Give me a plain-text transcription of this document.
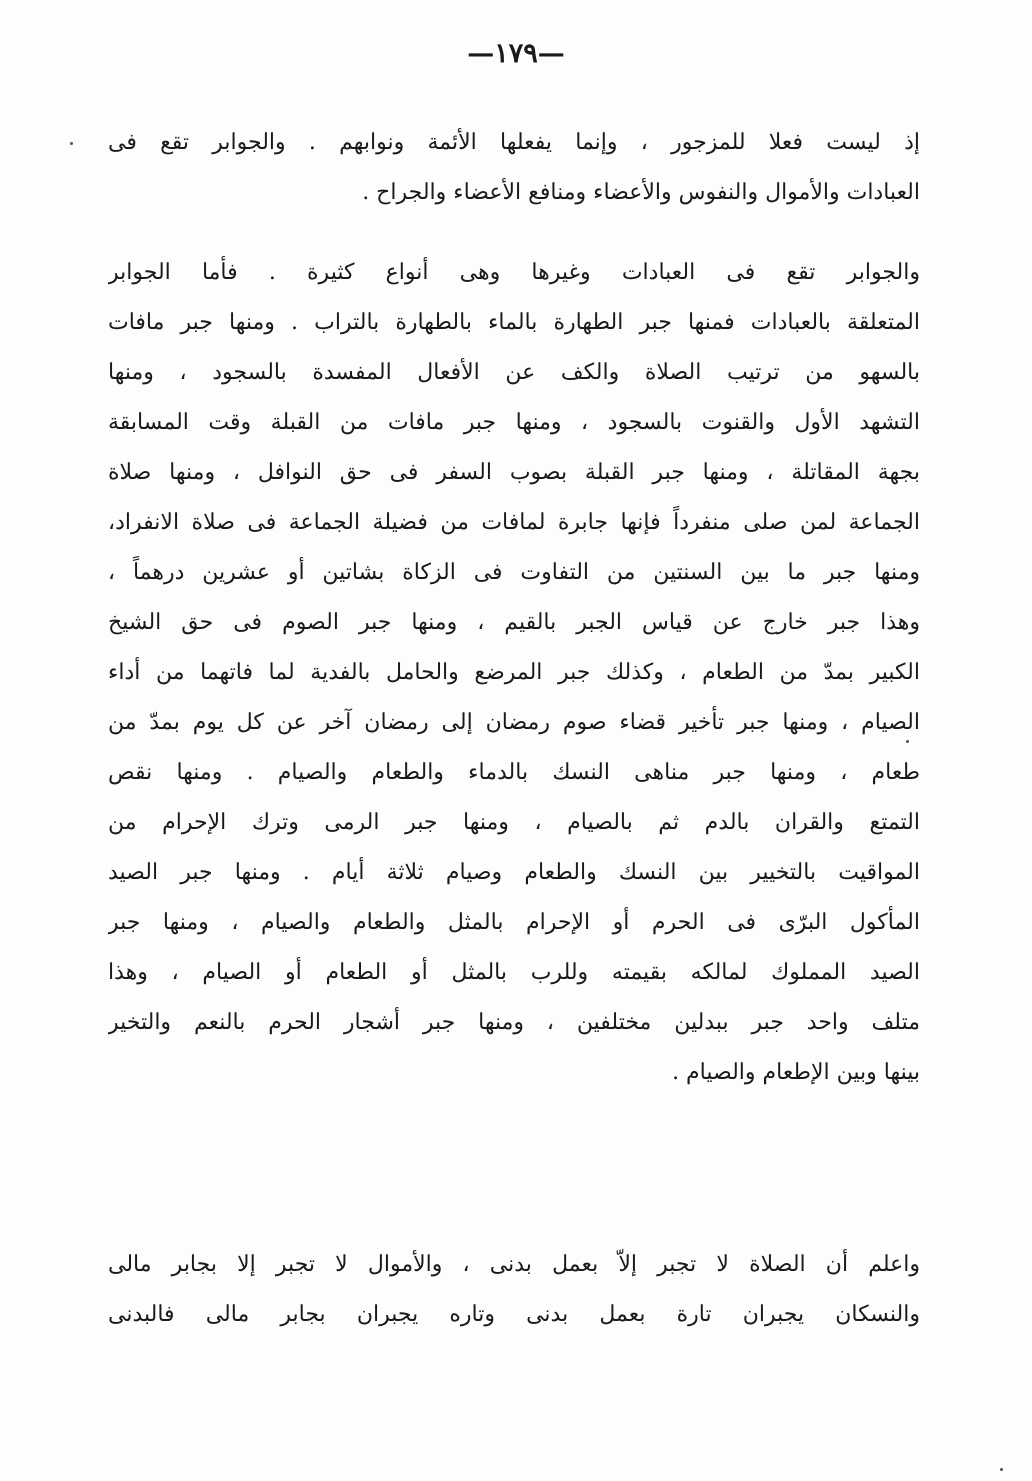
—١٧٩—
إذ ليست فعلا للمزجور ، وإنما يفعلها الأئمة ونوابهم . والجوابر تقع فى
العبادات والأموال والنفوس والأعضاء ومنافع الأعضاء والجراح .
والجوابر تقع فى العبادات وغيرها وهى أنواع كثيرة . فأما الجوابر
المتعلقة بالعبادات فمنها جبر الطهارة بالماء بالطهارة بالتراب . ومنها جبر مافات
بالسهو من ترتيب الصلاة والكف عن الأفعال المفسدة بالسجود ، ومنها
التشهد الأول والقنوت بالسجود ، ومنها جبر مافات من القبلة وقت المسابقة
بجهة المقاتلة ، ومنها جبر القبلة بصوب السفر فى حق النوافل ، ومنها صلاة
الجماعة لمن صلى منفرداً فإنها جابرة لمافات من فضيلة الجماعة فى صلاة الانفراد،
ومنها جبر ما بين السنتين من التفاوت فى الزكاة بشاتين أو عشرين درهماً ،
وهذا جبر خارج عن قياس الجبر بالقيم ، ومنها جبر الصوم فى حق الشيخ
الكبير بمدّ من الطعام ، وكذلك جبر المرضع والحامل بالفدية لما فاتهما من أداء
الصيام ، ومنها جبر تأخير قضاء صوم رمضان إلى رمضان آخر عن كل يوم بمدّ من
طعام ، ومنها جبر مناهى النسك بالدماء والطعام والصيام . ومنها نقص
التمتع والقران بالدم ثم بالصيام ، ومنها جبر الرمى وترك الإحرام من
المواقيت بالتخيير بين النسك والطعام وصيام ثلاثة أيام . ومنها جبر الصيد
المأكول البرّى فى الحرم أو الإحرام بالمثل والطعام والصيام ، ومنها جبر
الصيد المملوك لمالكه بقيمته وللرب بالمثل أو الطعام أو الصيام ، وهذا
متلف واحد جبر ببدلين مختلفين ، ومنها جبر أشجار الحرم بالنعم والتخير
بينها وبين الإطعام والصيام .
واعلم أن الصلاة لا تجبر إلاّ بعمل بدنى ، والأموال لا تجبر إلا بجابر مالى
والنسكان يجبران تارة بعمل بدنى وتاره يجبران بجابر مالى فالبدنى
